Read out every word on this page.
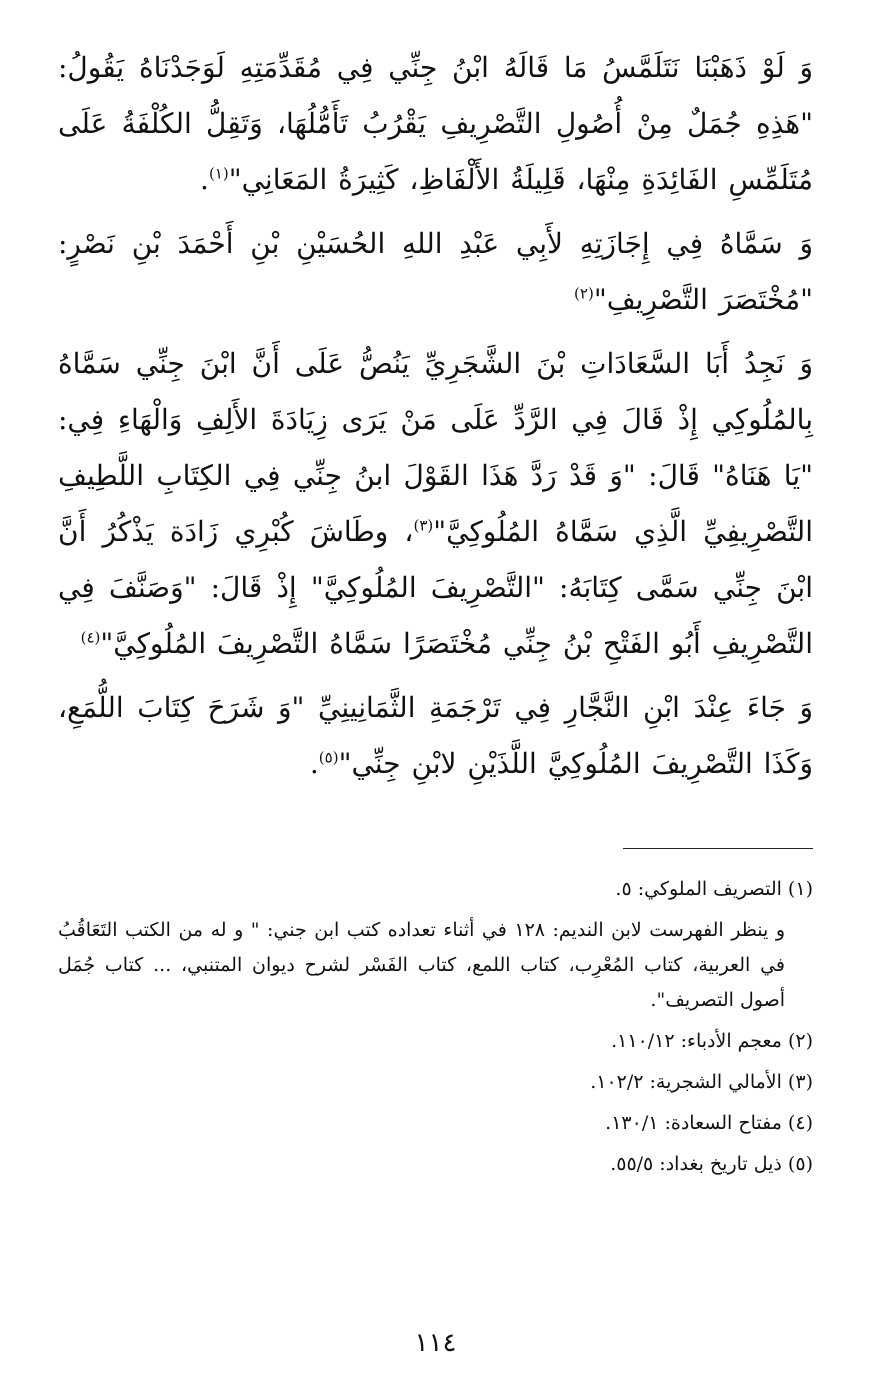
وَ لَوْ ذَهَبْنَا نَتَلَمَّسُ مَا قَالَهُ ابْنُ جِنِّي فِي مُقَدِّمَتِهِ لَوَجَدْنَاهُ يَقُولُ: "هَذِهِ جُمَلٌ مِنْ أُصُولِ التَّصْرِيفِ يَقْرُبُ تَأَمُّلُهَا، وَتَقِلُّ الكُلْفَةُ عَلَى مُتَلَمِّسِ الفَائِدَةِ مِنْهَا، قَلِيلَةُ الأَلْفَاظِ، كَثِيرَةُ المَعَانِي"$^{(١)}$.

وَ سَمَّاهُ فِي إِجَازَتِهِ لأَبِي عَبْدِ اللهِ الحُسَيْنِ بْنِ أَحْمَدَ بْنِ نَصْرٍ: "مُخْتَصَرَ التَّصْرِيفِ"$^{(٢)}$

وَ نَجِدُ أَبَا السَّعَادَاتِ بْنَ الشَّجَرِيِّ يَنُصُّ عَلَى أَنَّ ابْنَ جِنِّي سَمَّاهُ بِالمُلُوكِي إِذْ قَالَ فِي الرَّدِّ عَلَى مَنْ يَرَى زِيَادَةَ الأَلِفِ وَالْهَاءِ فِي: "يَا هَنَاهُ" قَالَ: "وَ قَدْ رَدَّ هَذَا القَوْلَ ابنُ جِنِّي فِي الكِتَابِ اللَّطِيفِ التَّصْرِيفِيِّ الَّذِي سَمَّاهُ المُلُوكِيَّ"$^{(٣)}$، وطَاشَ كُبْرِي زَادَة يَذْكُرُ أَنَّ ابْنَ جِنِّي سَمَّى كِتَابَهُ: "التَّصْرِيفَ المُلُوكِيَّ" إِذْ قَالَ: "وَصَنَّفَ فِي التَّصْرِيفِ أَبُو الفَتْحِ بْنُ جِنِّي مُخْتَصَرًا سَمَّاهُ التَّصْرِيفَ المُلُوكِيَّ"$^{(٤)}$

وَ جَاءَ عِنْدَ ابْنِ النَّجَّارِ فِي تَرْجَمَةِ الثَّمَانِينِيِّ "وَ شَرَحَ كِتَابَ اللُّمَعِ، وَكَذَا التَّصْرِيفَ المُلُوكِيَّ اللَّذَيْنِ لابْنِ جِنِّي"$^{(٥)}$.

(١) التصريف الملوكي: ٥.

و ينظر الفهرست لابن النديم: ١٢٨ في أثناء تعداده كتب ابن جني: " و له من الكتب التَعَاقُبُ في العربية، كتاب المُعْرِب، كتاب اللمع، كتاب الفَسْر لشرح ديوان المتنبي، ... كتاب جُمَل أصول التصريف".

(٢) معجم الأدباء: ١١٠/١٢.

(٣) الأمالي الشجرية: ١٠٢/٢.

(٤) مفتاح السعادة: ١٣٠/١.

(٥) ذيل تاريخ بغداد: ٥٥/٥.

١١٤
